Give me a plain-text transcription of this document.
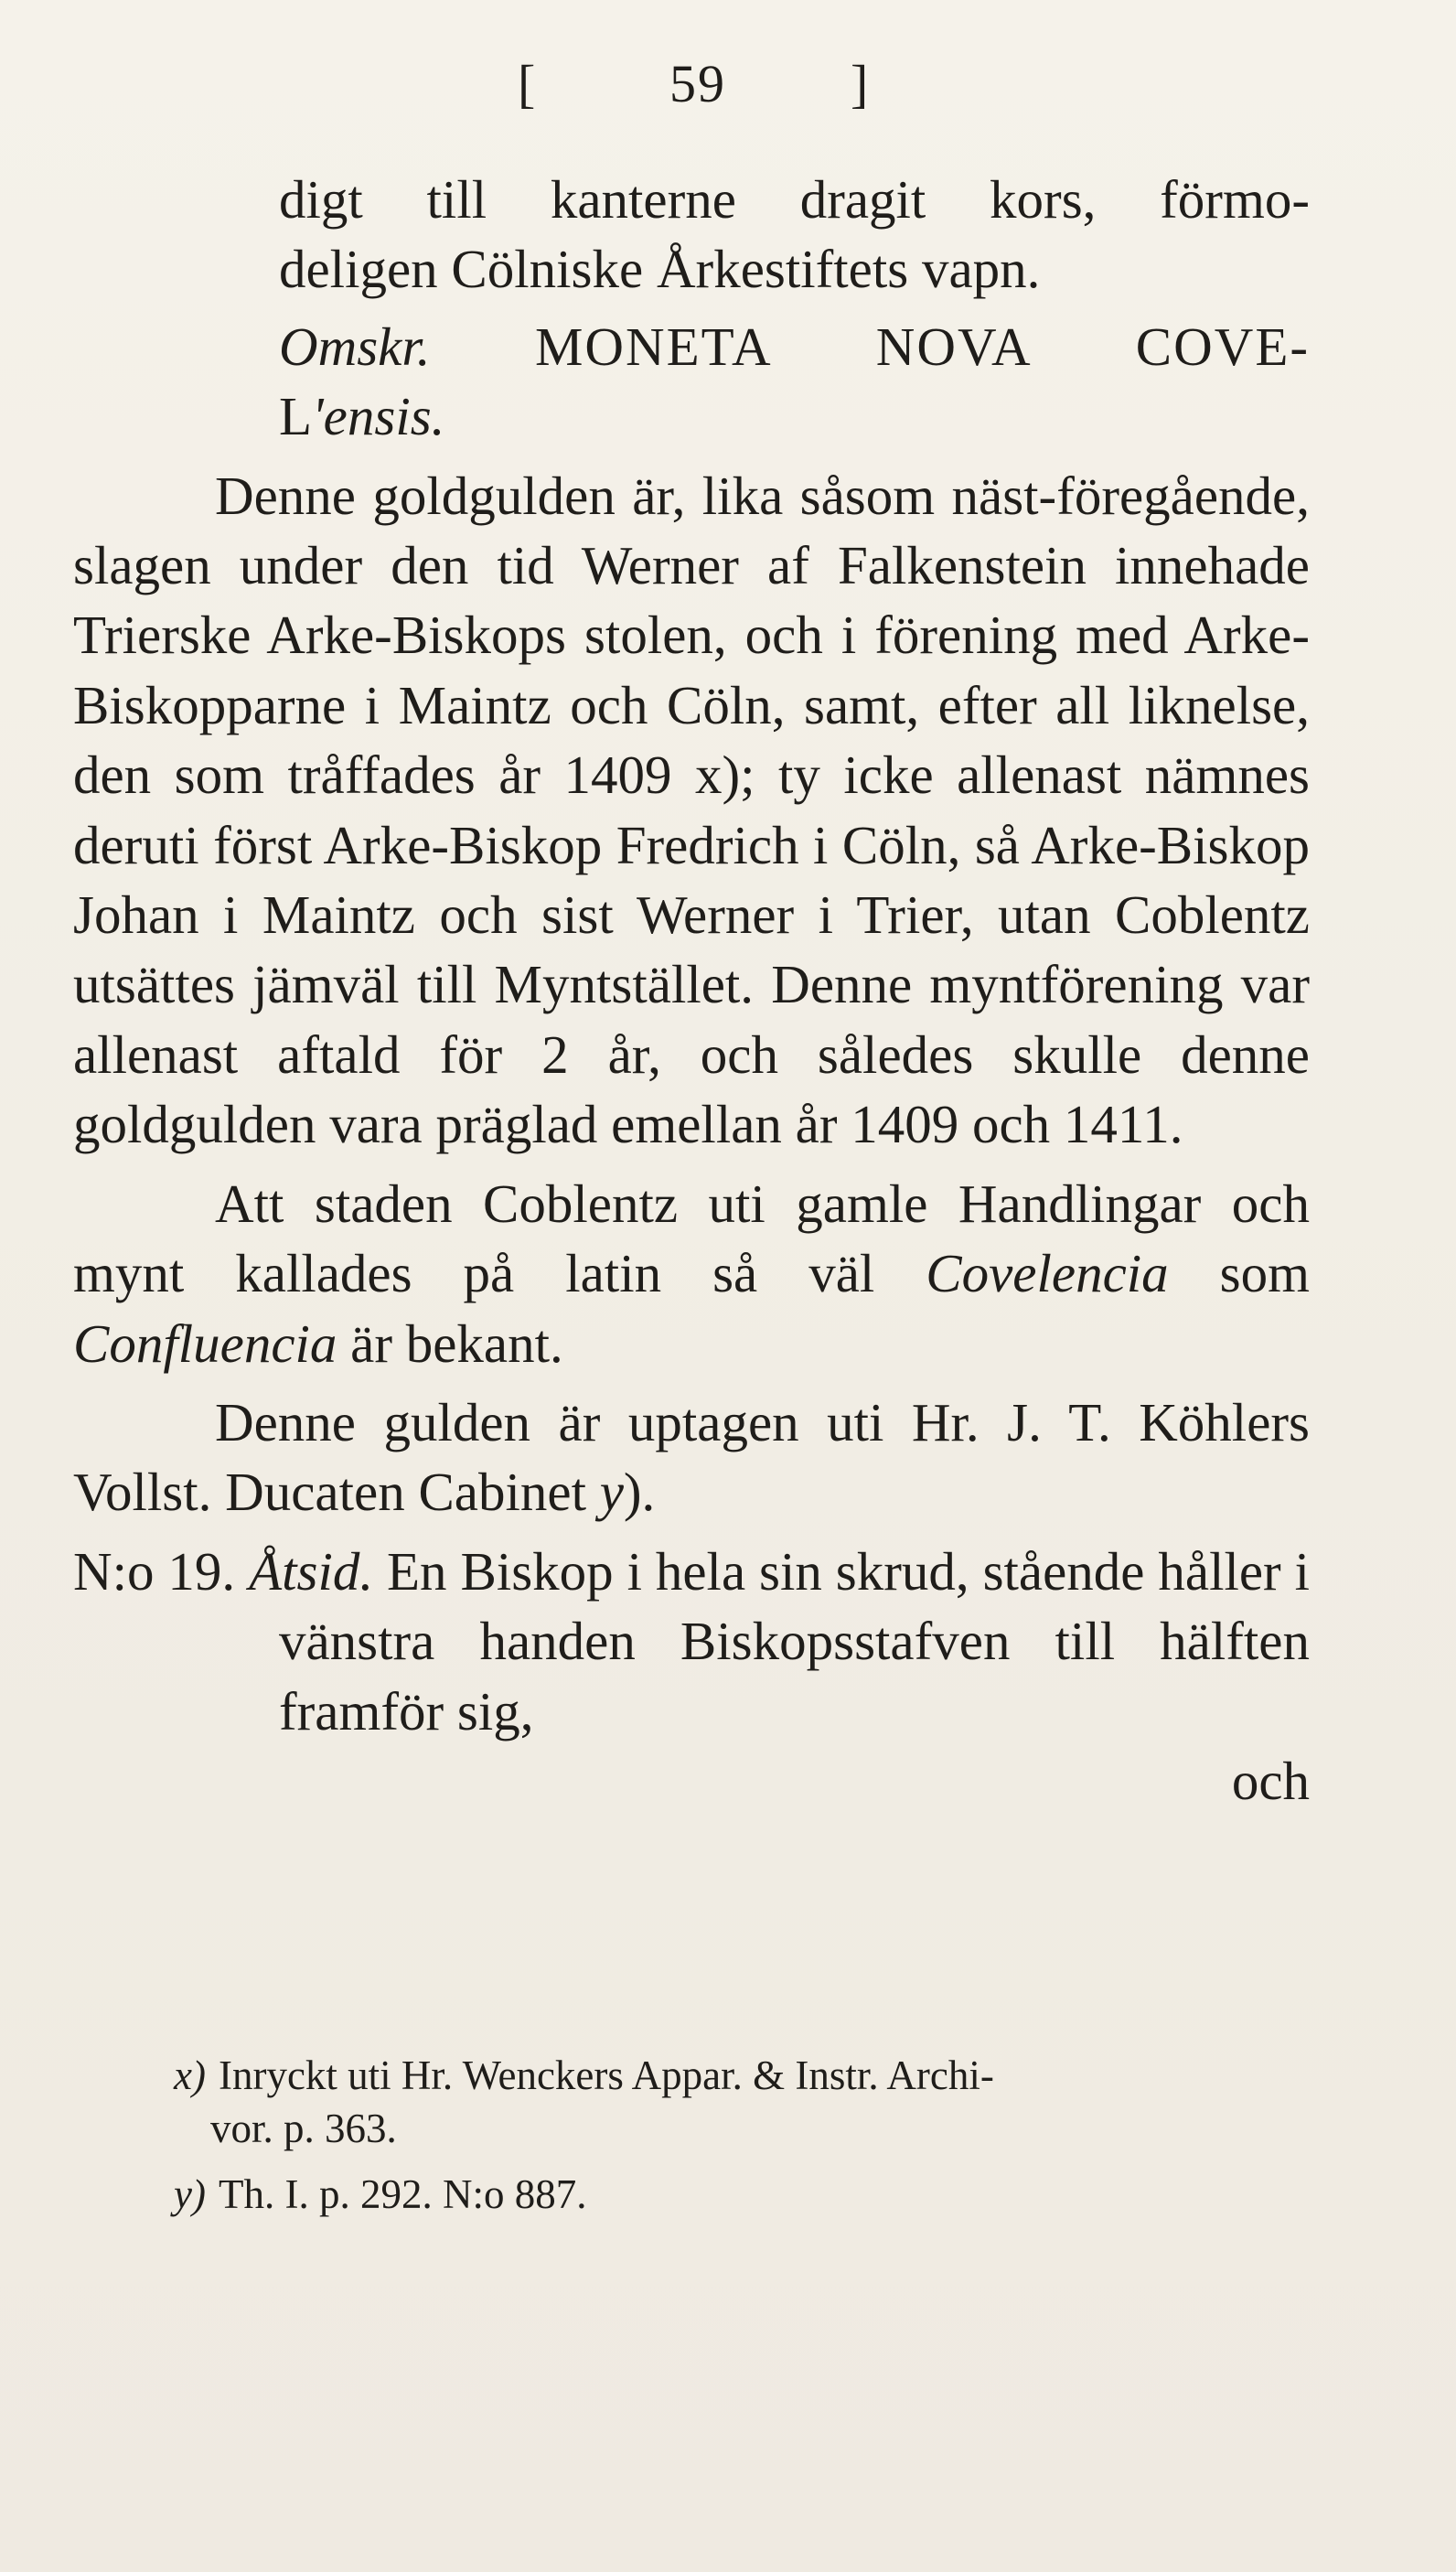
[ 59 ]

digt till kanterne dragit kors, förmo-

deligen Cölniske Årkestiftets vapn.

Omskr. MONETA NOVA COVE-

L'ensis.

Denne goldgulden är, lika såsom näst-föregående, slagen under den tid Werner af Falkenstein innehade Trierske Arke-Biskops stolen, och i förening med Arke-Biskopparne i Maintz och Cöln, samt, efter all liknelse, den som tråffades år 1409 x); ty icke allenast nämnes deruti först Arke-Biskop Fredrich i Cöln, så Arke-Biskop Johan i Maintz och sist Werner i Trier, utan Coblentz utsättes jämväl till Myntstället. Denne myntförening var allenast aftald för 2 år, och således skulle denne goldgulden vara präglad emellan år 1409 och 1411.

Att staden Coblentz uti gamle Handlingar och mynt kallades på latin så väl Covelencia som Confluencia är bekant.

Denne gulden är uptagen uti Hr. J. T. Köhlers Vollst. Ducaten Cabinet y).

N:o 19. Åtsid. En Biskop i hela sin skrud, stående håller i vänstra handen Biskopsstafven till hälften framför sig,

och

x) Inryckt uti Hr. Wenckers Appar. & Instr. Archi-
vor. p. 363.

y) Th. I. p. 292. N:o 887.
